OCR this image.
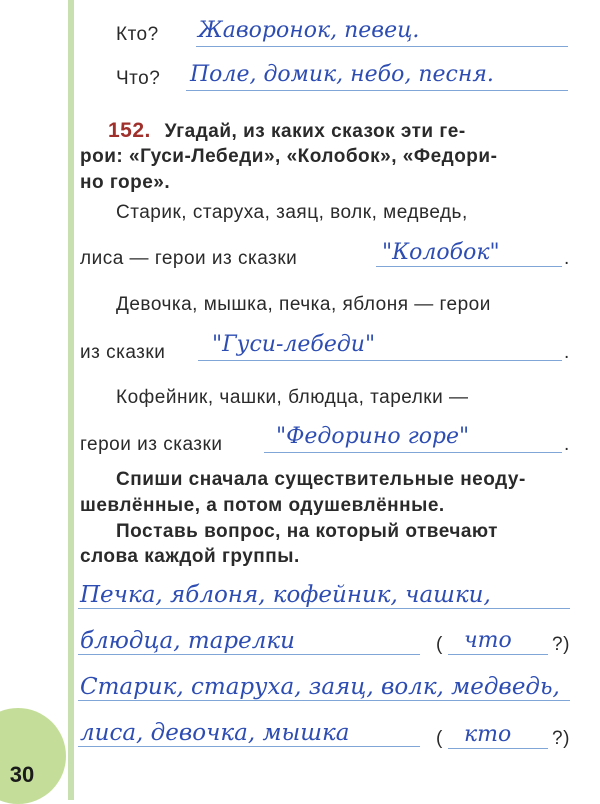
30
Кто? Жаворонок, певец.
Что? Поле, домик, небо, песня.
152. Угадай, из каких сказок эти ге-
рои: «Гуси-Лебеди», «Колобок», «Федори-
но горе».
Старик, старуха, заяц, волк, медведь,
лиса — герои из сказки	"Колобок"	.
Девочка, мышка, печка, яблоня — герои
из сказки "Гуси-лебеди"	.
Кофейник, чашки, блюдца, тарелки —
герои из сказки "Федорино горе"	.
Спиши сначала существительные неоду-
шевлённые, а потом одушевлённые.
Поставь вопрос, на который отвечают
слова каждой группы.
Печка, яблоня, кофейник, чашки,
блюдца, тарелки	( что ?)
Старик, старуха, заяц, волк, медведь,
лиса, девочка, мышка	( кто ?)
